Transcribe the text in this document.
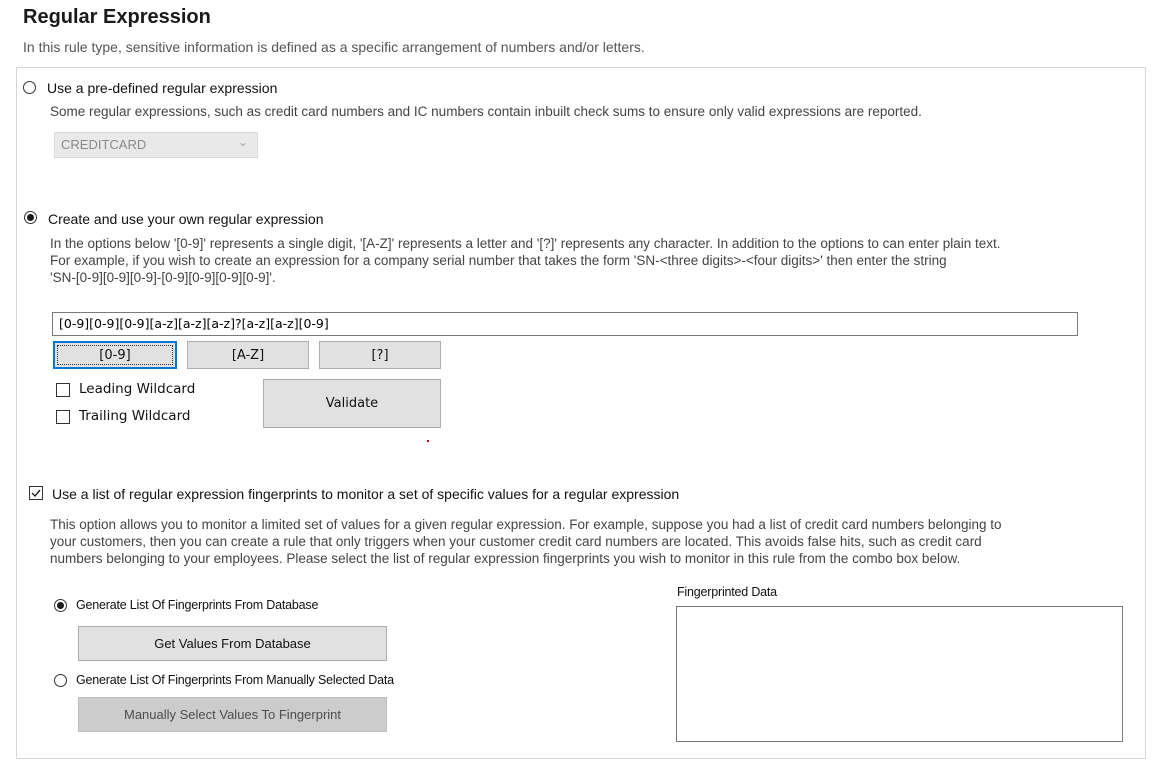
Regular Expression
In this rule type, sensitive information is defined as a specific arrangement of numbers and/or letters.
Use a pre-defined regular expression
Some regular expressions, such as credit card numbers and IC numbers contain inbuilt check sums to ensure only valid expressions are reported.
CREDITCARD	⌄
Create and use your own regular expression
In the options below '[0-9]' represents a single digit, '[A-Z]' represents a letter and '[?]' represents any character. In addition to the options to can enter plain text.
For example, if you wish to create an expression for a company serial number that takes the form 'SN-<three digits>-<four digits>' then enter the string
'SN-[0-9][0-9][0-9]-[0-9][0-9][0-9][0-9]'.
[0-9][0-9][0-9][a-z][a-z][a-z]?[a-z][a-z][0-9]
[0-9]	[A-Z]	[?]
Leading Wildcard
Trailing Wildcard
Validate
Use a list of regular expression fingerprints to monitor a set of specific values for a regular expression
This option allows you to monitor a limited set of values for a given regular expression. For example, suppose you had a list of credit card numbers belonging to
your customers, then you can create a rule that only triggers when your customer credit card numbers are located. This avoids false hits, such as credit card
numbers belonging to your employees. Please select the list of regular expression fingerprints you wish to monitor in this rule from the combo box below.
Generate List Of Fingerprints From Database
Get Values From Database
Generate List Of Fingerprints From Manually Selected Data
Manually Select Values To Fingerprint
Fingerprinted Data
